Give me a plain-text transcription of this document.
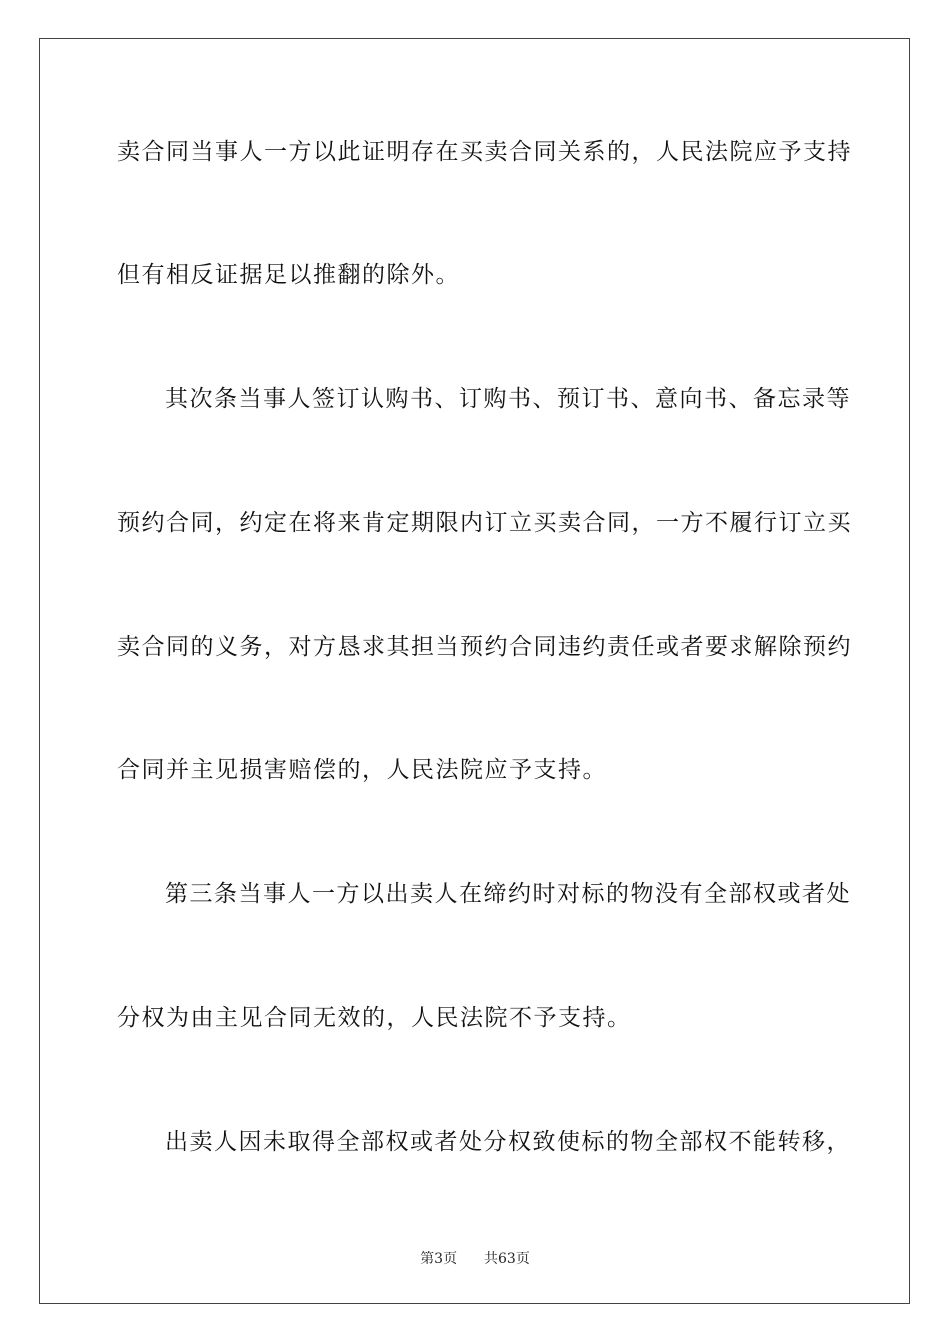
卖合同当事人一方以此证明存在买卖合同关系的，人民法院应予支持
但有相反证据足以推翻的除外。
其次条当事人签订认购书、订购书、预订书、意向书、备忘录等
预约合同，约定在将来肯定期限内订立买卖合同，一方不履行订立买
卖合同的义务，对方恳求其担当预约合同违约责任或者要求解除预约
合同并主见损害赔偿的，人民法院应予支持。
第三条当事人一方以出卖人在缔约时对标的物没有全部权或者处
分权为由主见合同无效的，人民法院不予支持。
出卖人因未取得全部权或者处分权致使标的物全部权不能转移，
第3页 共63页
